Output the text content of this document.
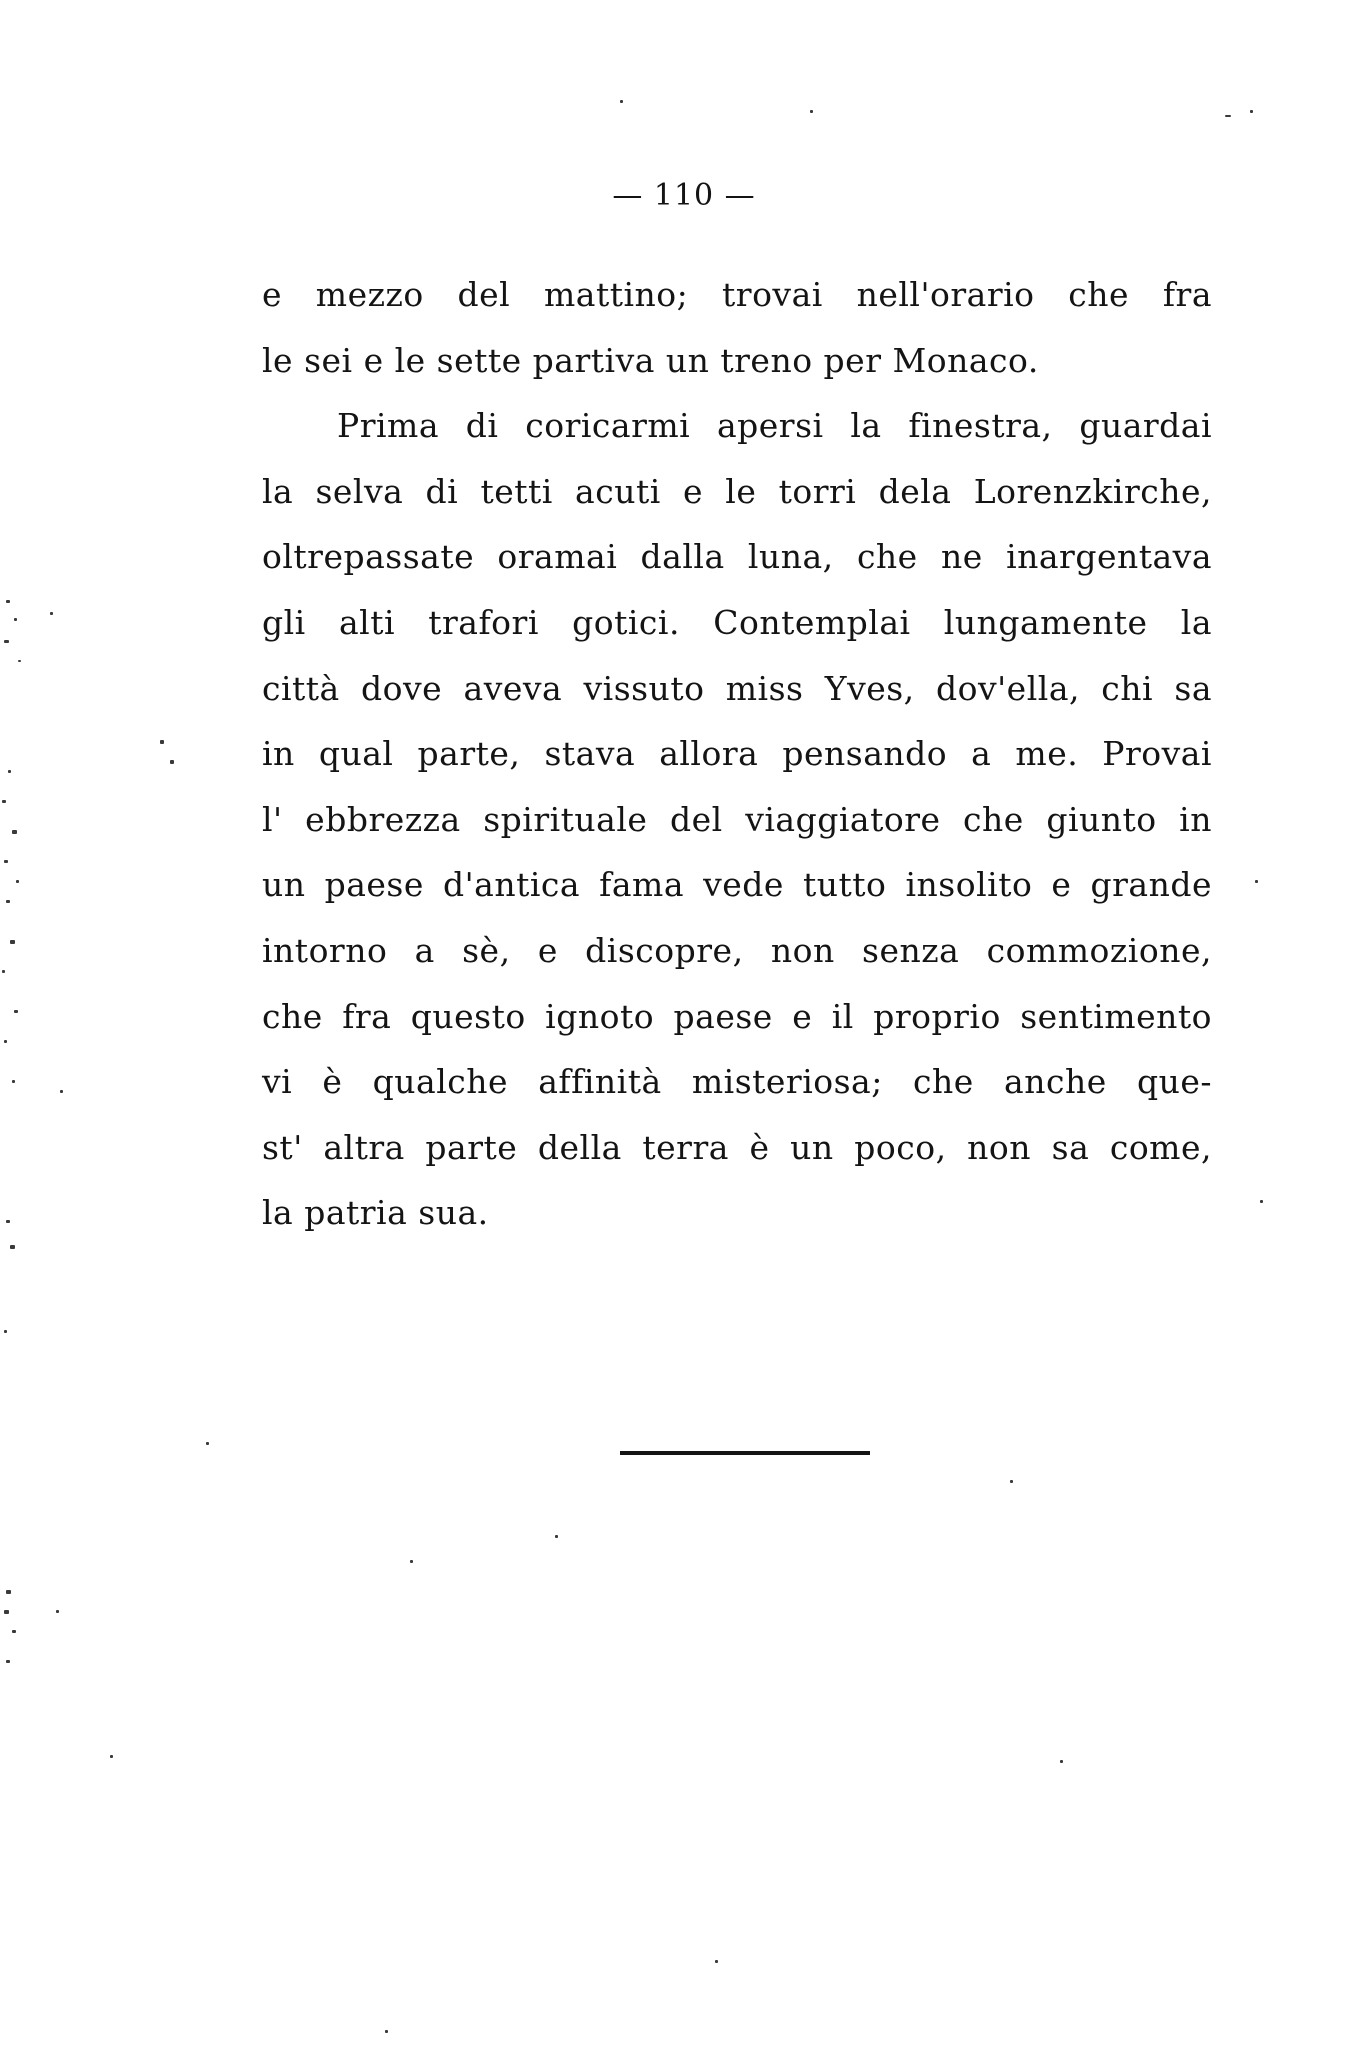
— 110 —
e mezzo del mattino; trovai nell'orario che fra
le sei e le sette partiva un treno per Monaco.
Prima di coricarmi apersi la finestra, guardai
la selva di tetti acuti e le torri dela Lorenzkirche,
oltrepassate oramai dalla luna, che ne inargentava
gli alti trafori gotici. Contemplai lungamente la
città dove aveva vissuto miss Yves, dov'ella, chi sa
in qual parte, stava allora pensando a me. Provai
l' ebbrezza spirituale del viaggiatore che giunto in
un paese d'antica fama vede tutto insolito e grande
intorno a sè, e discopre, non senza commozione,
che fra questo ignoto paese e il proprio sentimento
vi è qualche affinità misteriosa; che anche que-
st' altra parte della terra è un poco, non sa come,
la patria sua.
